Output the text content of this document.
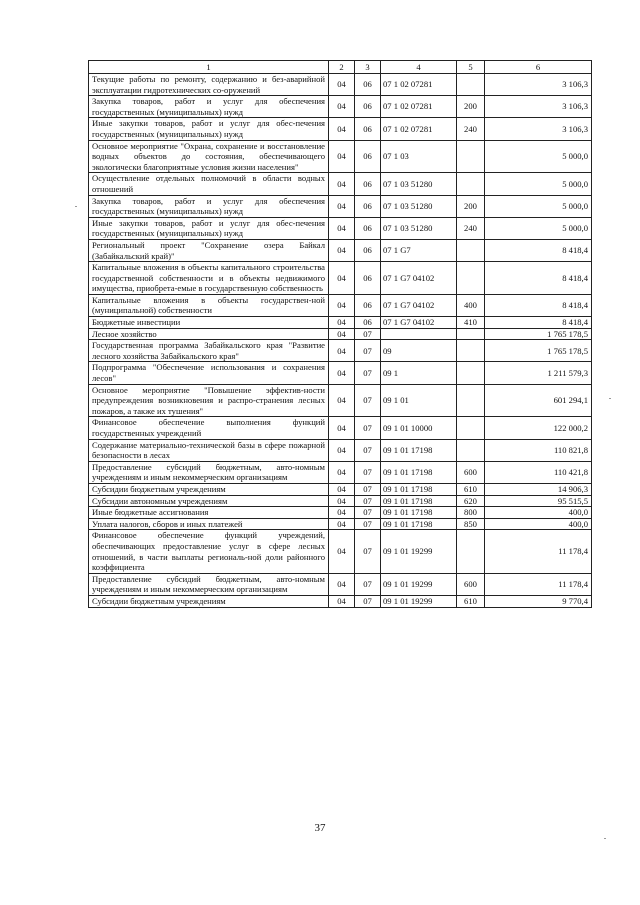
1	2	3	4	5	6
Текущие работы по ремонту, содержанию и без-аварийной эксплуатации гидротехнических со-оружений	04	06	07 1 02 07281		3 106,3
Закупка товаров, работ и услуг для обеспечения государственных (муниципальных) нужд	04	06	07 1 02 07281	200	3 106,3
Иные закупки товаров, работ и услуг для обес-печения государственных (муниципальных) нужд	04	06	07 1 02 07281	240	3 106,3
Основное мероприятие "Охрана, сохранение и восстановление водных объектов до состояния, обеспечивающего экологически благоприятные условия жизни населения"	04	06	07 1 03		5 000,0
Осуществление отдельных полномочий в области водных отношений	04	06	07 1 03 51280		5 000,0
Закупка товаров, работ и услуг для обеспечения государственных (муниципальных) нужд	04	06	07 1 03 51280	200	5 000,0
Иные закупки товаров, работ и услуг для обес-печения государственных (муниципальных) нужд	04	06	07 1 03 51280	240	5 000,0
Региональный проект "Сохранение озера Байкал (Забайкальский край)"	04	06	07 1 G7		8 418,4
Капитальные вложения в объекты капитального строительства государственной собственности и в объекты недвижимого имущества, приобрета-емые в государственную собственность	04	06	07 1 G7 04102		8 418,4
Капитальные вложения в объекты государствен-ной (муниципальной) собственности	04	06	07 1 G7 04102	400	8 418,4
Бюджетные инвестиции	04	06	07 1 G7 04102	410	8 418,4
Лесное хозяйство	04	07			1 765 178,5
Государственная программа Забайкальского края "Развитие лесного хозяйства Забайкальского края"	04	07	09		1 765 178,5
Подпрограмма "Обеспечение использования и сохранения лесов"	04	07	09 1		1 211 579,3
Основное мероприятие "Повышение эффектив-ности предупреждения возникновения и распро-странения лесных пожаров, а также их тушения"	04	07	09 1 01		601 294,1
Финансовое обеспечение выполнения функций государственных учреждений	04	07	09 1 01 10000		122 000,2
Содержание материально-технической базы в сфере пожарной безопасности в лесах	04	07	09 1 01 17198		110 821,8
Предоставление субсидий бюджетным, авто-номным учреждениям и иным некоммерческим организациям	04	07	09 1 01 17198	600	110 421,8
Субсидии бюджетным учреждениям	04	07	09 1 01 17198	610	14 906,3
Субсидии автономным учреждениям	04	07	09 1 01 17198	620	95 515,5
Иные бюджетные ассигнования	04	07	09 1 01 17198	800	400,0
Уплата налогов, сборов и иных платежей	04	07	09 1 01 17198	850	400,0
Финансовое обеспечение функций учреждений, обеспечивающих предоставление услуг в сфере лесных отношений, в части выплаты региональ-ной доли районного коэффициента	04	07	09 1 01 19299		11 178,4
Предоставление субсидий бюджетным, авто-номным учреждениям и иным некоммерческим организациям	04	07	09 1 01 19299	600	11 178,4
Субсидии бюджетным учреждениям	04	07	09 1 01 19299	610	9 770,4
37
